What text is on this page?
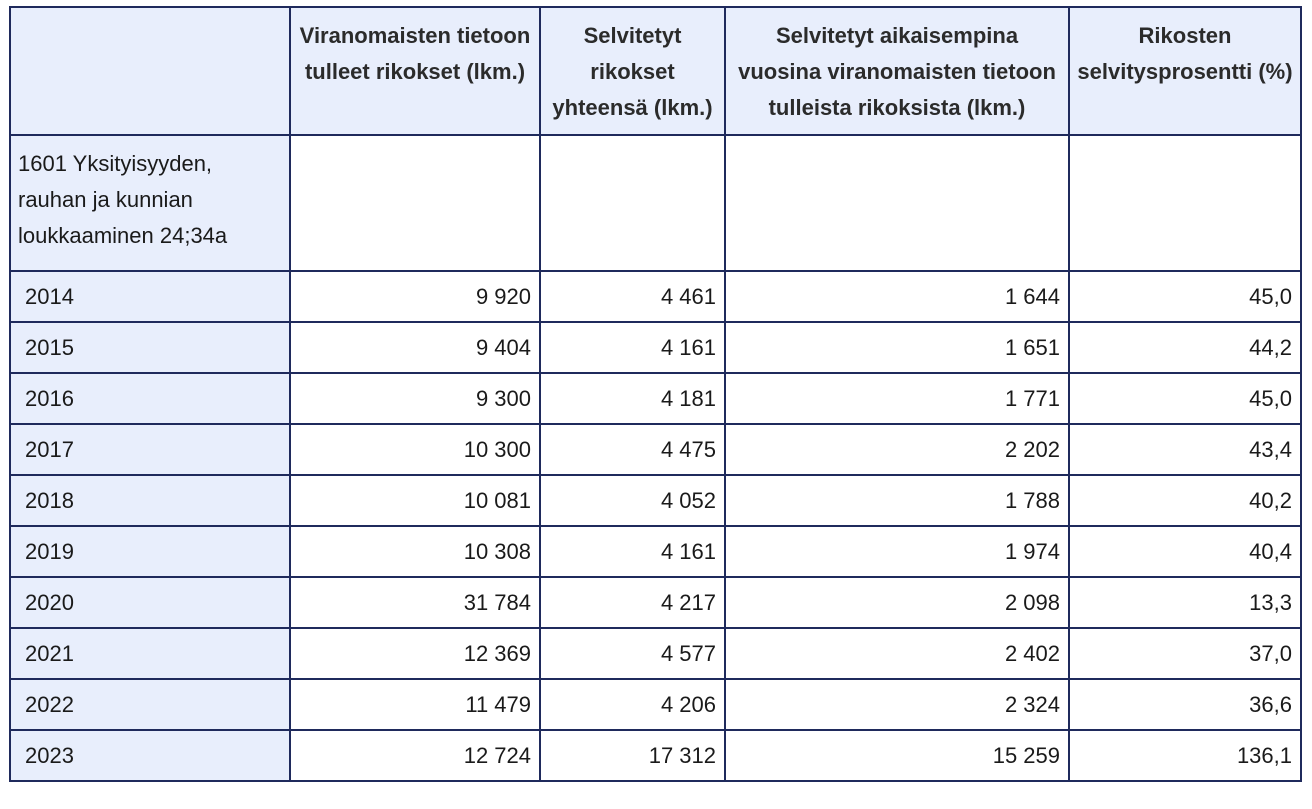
	Viranomaisten tietoon tulleet rikokset (lkm.)	Selvitetyt rikokset yhteensä (lkm.)	Selvitetyt aikaisempina vuosina viranomaisten tietoon tulleista rikoksista (lkm.)	Rikosten selvitysprosentti (%)
1601 Yksityisyyden, rauhan ja kunnian loukkaaminen 24;34a				
2014	9 920	4 461	1 644	45,0
2015	9 404	4 161	1 651	44,2
2016	9 300	4 181	1 771	45,0
2017	10 300	4 475	2 202	43,4
2018	10 081	4 052	1 788	40,2
2019	10 308	4 161	1 974	40,4
2020	31 784	4 217	2 098	13,3
2021	12 369	4 577	2 402	37,0
2022	11 479	4 206	2 324	36,6
2023	12 724	17 312	15 259	136,1
